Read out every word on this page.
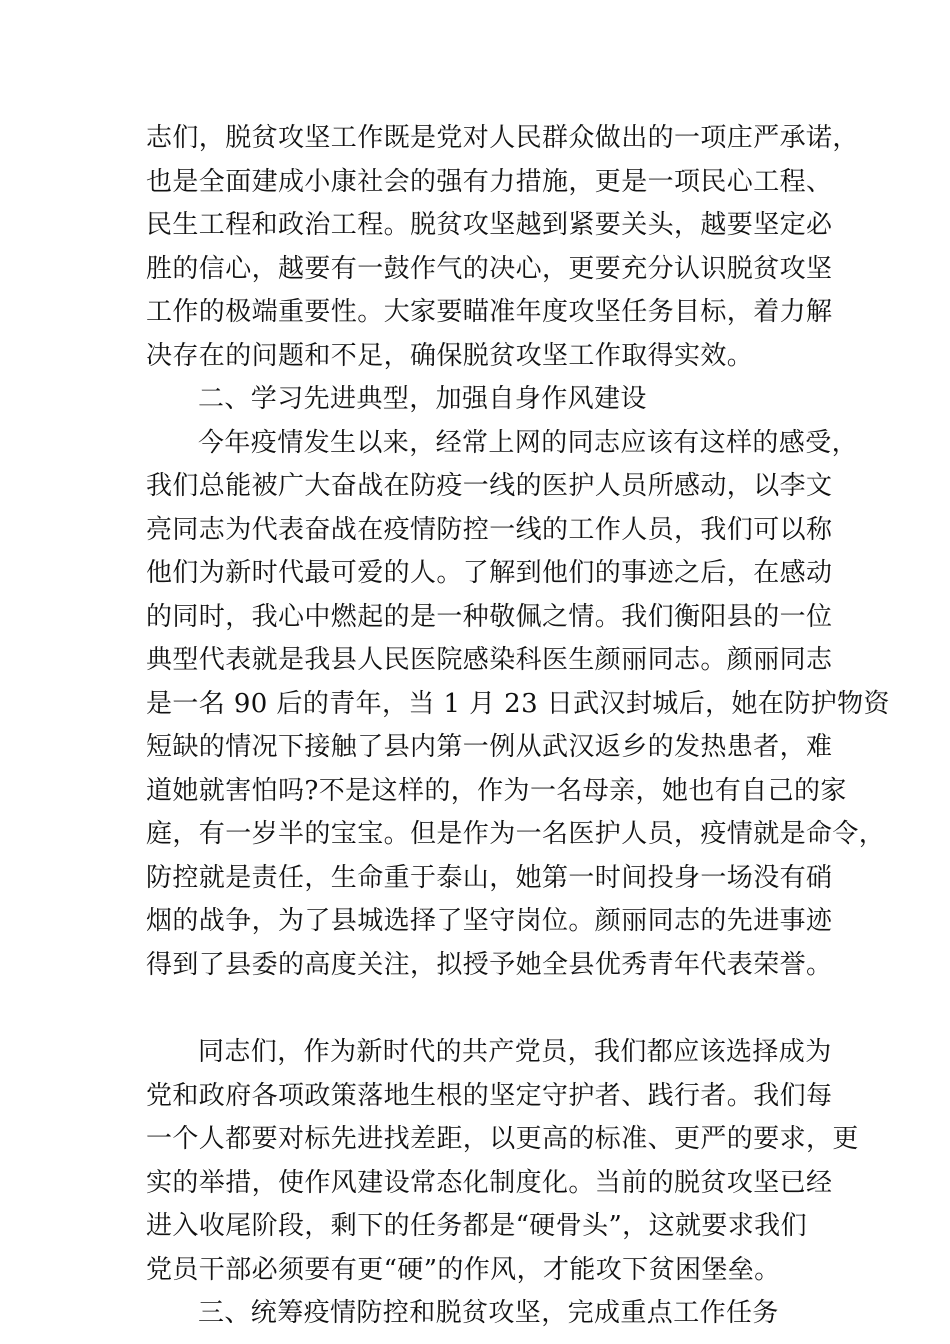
志们，脱贫攻坚工作既是党对人民群众做出的一项庄严承诺，
也是全面建成小康社会的强有力措施，更是一项民心工程、
民生工程和政治工程。脱贫攻坚越到紧要关头，越要坚定必
胜的信心，越要有一鼓作气的决心，更要充分认识脱贫攻坚
工作的极端重要性。大家要瞄准年度攻坚任务目标，着力解
决存在的问题和不足，确保脱贫攻坚工作取得实效。
二、学习先进典型，加强自身作风建设
今年疫情发生以来，经常上网的同志应该有这样的感受，
我们总能被广大奋战在防疫一线的医护人员所感动，以李文
亮同志为代表奋战在疫情防控一线的工作人员，我们可以称
他们为新时代最可爱的人。了解到他们的事迹之后，在感动
的同时，我心中燃起的是一种敬佩之情。我们衡阳县的一位
典型代表就是我县人民医院感染科医生颜丽同志。颜丽同志
是一名 90 后的青年，当 1 月 23 日武汉封城后，她在防护物资
短缺的情况下接触了县内第一例从武汉返乡的发热患者，难
道她就害怕吗?不是这样的，作为一名母亲，她也有自己的家
庭，有一岁半的宝宝。但是作为一名医护人员，疫情就是命令，
防控就是责任，生命重于泰山，她第一时间投身一场没有硝
烟的战争，为了县城选择了坚守岗位。颜丽同志的先进事迹
得到了县委的高度关注，拟授予她全县优秀青年代表荣誉。
同志们，作为新时代的共产党员，我们都应该选择成为
党和政府各项政策落地生根的坚定守护者、践行者。我们每
一个人都要对标先进找差距，以更高的标准、更严的要求，更
实的举措，使作风建设常态化制度化。当前的脱贫攻坚已经
进入收尾阶段，剩下的任务都是“硬骨头”，这就要求我们
党员干部必须要有更“硬”的作风，才能攻下贫困堡垒。
三、统筹疫情防控和脱贫攻坚，完成重点工作任务
